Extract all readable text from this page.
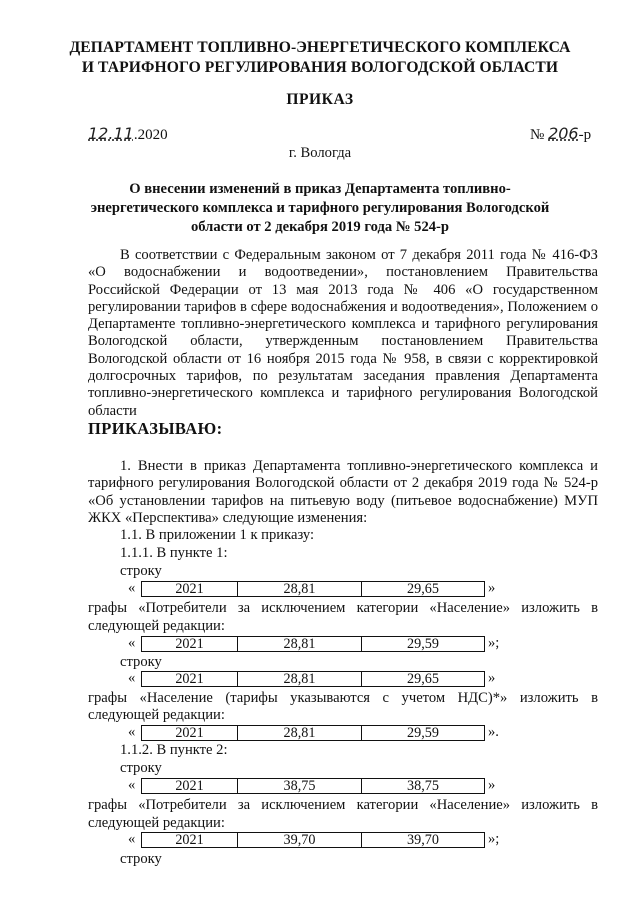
ДЕПАРТАМЕНТ ТОПЛИВНО-ЭНЕРГЕТИЧЕСКОГО КОМПЛЕКСА
И ТАРИФНОГО РЕГУЛИРОВАНИЯ ВОЛОГОДСКОЙ ОБЛАСТИ
ПРИКАЗ
12.11.2020	№ 206-р
г. Вологда
О внесении изменений в приказ Департамента топливно-
энергетического комплекса и тарифного регулирования Вологодской
области от 2 декабря 2019 года № 524-р
В соответствии с Федеральным законом от 7 декабря 2011 года № 416-ФЗ «О водоснабжении и водоотведении», постановлением Правительства Российской Федерации от 13 мая 2013 года № 406 «О государственном регулировании тарифов в сфере водоснабжения и водоотведения», Положением о Департаменте топливно-энергетического комплекса и тарифного регулирования Вологодской области, утвержденным постановлением Правительства Вологодской области от 16 ноября 2015 года № 958, в связи с корректировкой долгосрочных тарифов, по результатам заседания правления Департамента топливно-энергетического комплекса и тарифного регулирования Вологодской области
ПРИКАЗЫВАЮ:
1. Внести в приказ Департамента топливно-энергетического комплекса и тарифного регулирования Вологодской области от 2 декабря 2019 года № 524-р «Об установлении тарифов на питьевую воду (питьевое водоснабжение) МУП ЖКХ «Перспектива» следующие изменения:
1.1. В приложении 1 к приказу:
1.1.1. В пункте 1:
строку
«	2021	28,81	29,65	»
графы «Потребители за исключением категории «Население» изложить в
следующей редакции:
«	2021	28,81	29,59	»;
строку
«	2021	28,81	29,65	»
графы «Население (тарифы указываются с учетом НДС)*» изложить в
следующей редакции:
«	2021	28,81	29,59	».
1.1.2. В пункте 2:
строку
«	2021	38,75	38,75	»
графы «Потребители за исключением категории «Население» изложить в
следующей редакции:
«	2021	39,70	39,70	»;
строку
